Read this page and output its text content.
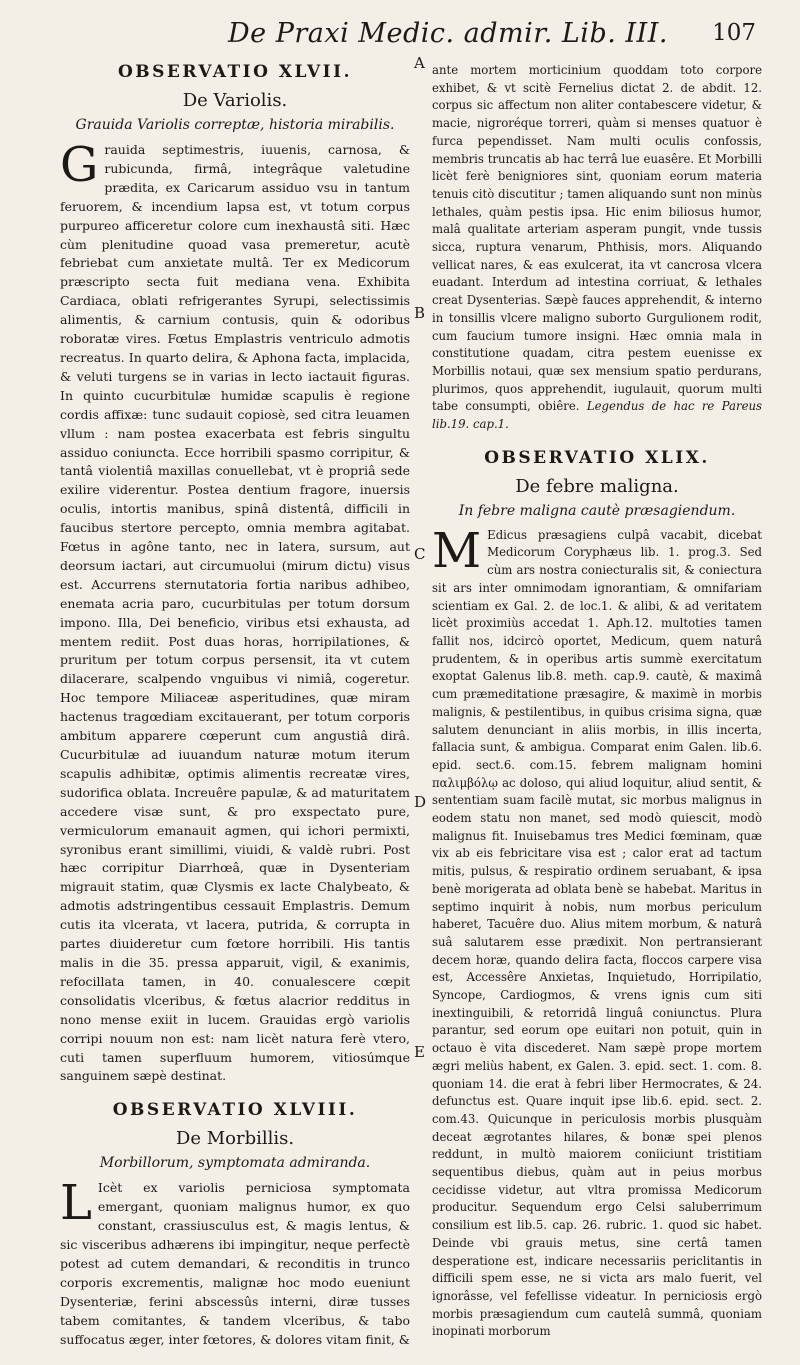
De Praxi Medic. admir. Lib. III. 107
A
B
C
D
E
OBSERVATIO XLVII.
De Variolis.
Grauida Variolis correptæ, historia mirabilis.

Grauida septimestris, iuuenis, carnosa, & rubicunda, firmâ, integrâque valetudine prædita, ex Caricarum assiduo vsu in tantum feruorem, & incendium lapsa est, vt totum corpus purpureo afficeretur colore cum inexhaustâ siti. Hæc cùm plenitudine quoad vasa premeretur, acutè febriebat cum anxietate multâ. Ter ex Medicorum præscripto secta fuit mediana vena. Exhibita Cardiaca, oblati refrigerantes Syrupi, selectissimis alimentis, & carnium contusis, quin & odoribus roboratæ vires. Fœtus Emplastris ventriculo admotis recreatus. In quarto delira, & Aphona facta, implacida, & veluti turgens se in varias in lecto iactauit figuras. In quinto cucurbitulæ humidæ scapulis è regione cordis affixæ: tunc sudauit copiosè, sed citra leuamen vllum : nam postea exacerbata est febris singultu assiduo coniuncta. Ecce horribili spasmo corripitur, & tantâ violentiâ maxillas conuellebat, vt è propriâ sede exilire viderentur. Postea dentium fragore, inuersis oculis, intortis manibus, spinâ distentâ, difficili in faucibus stertore percepto, omnia membra agitabat. Fœtus in agône tanto, nec in latera, sursum, aut deorsum iactari, aut circumuolui (mirum dictu) visus est. Accurrens sternutatoria fortia naribus adhibeo, enemata acria paro, cucurbitulas per totum dorsum impono. Illa, Dei beneficio, viribus etsi exhausta, ad mentem rediit. Post duas horas, horripilationes, & pruritum per totum corpus persensit, ita vt cutem dilacerare, scalpendo vnguibus vi nimiâ, cogeretur. Hoc tempore Miliaceæ asperitudines, quæ miram hactenus tragœdiam excitauerant, per totum corporis ambitum apparere cœperunt cum angustiâ dirâ. Cucurbitulæ ad iuuandum naturæ motum iterum scapulis adhibitæ, optimis alimentis recreatæ vires, sudorifica oblata. Increuêre papulæ, & ad maturitatem accedere visæ sunt, & pro exspectato pure, vermiculorum emanauit agmen, qui ichori permixti, syronibus erant simillimi, viuidi, & valdè rubri. Post hæc corripitur Diarrhœâ, quæ in Dysenteriam migrauit statim, quæ Clysmis ex lacte Chalybeato, & admotis adstringentibus cessauit Emplastris. Demum cutis ita vlcerata, vt lacera, putrida, & corrupta in partes diuideretur cum fœtore horribili. His tantis malis in die 35. pressa apparuit, vigil, & exanimis, refocillata tamen, in 40. conualescere cœpit consolidatis vlceribus, & fœtus alacrior redditus in nono mense exiit in lucem. Grauidas ergò variolis corripi nouum non est: nam licèt natura ferè vtero, cuti tamen superfluum humorem, vitiosúmque sanguinem sæpè destinat.

OBSERVATIO XLVIII.
De Morbillis.
Morbillorum, symptomata admiranda.

L Icèt ex variolis perniciosa symptomata emergant, quoniam malignus humor, ex quo constant, crassiusculus est, & magis lentus, & sic visceribus adhærens ibi impingitur, neque perfectè potest ad cutem demandari, & reconditis in trunco corporis excrementis, malignæ hoc modo eueniunt Dysenteriæ, ferini abscessûs interni, diræ tusses tabem comitantes, & tandem vlceribus, & tabo suffocatus æger, inter fœtores, & dolores vitam finit, &

ante mortem morticinium quoddam toto corpore exhibet, & vt scitè Fernelius dictat 2. de abdit. 12. corpus sic affectum non aliter contabescere videtur, & macie, nigroréque torreri, quàm si menses quatuor è furca pependisset. Nam multi oculis confossis, membris truncatis ab hac terrâ lue euasêre. Et Morbilli licèt ferè benigniores sint, quoniam eorum materia tenuis citò discutitur ; tamen aliquando sunt non minùs lethales, quàm pestis ipsa. Hic enim biliosus humor, malâ qualitate arteriam asperam pungit, vnde tussis sicca, ruptura venarum, Phthisis, mors. Aliquando vellicat nares, & eas exulcerat, ita vt cancrosa vlcera euadant. Interdum ad intestina corriuat, & lethales creat Dysenterias. Sæpè fauces apprehendit, & interno in tonsillis vlcere maligno suborto Gurgulionem rodit, cum faucium tumore insigni. Hæc omnia mala in constitutione quadam, citra pestem euenisse ex Morbillis notaui, quæ sex mensium spatio perdurans, plurimos, quos apprehendit, iugulauit, quorum multi tabe consumpti, obiêre. Legendus de hac re Pareus lib.19. cap.1.

OBSERVATIO XLIX.
De febre maligna.
In febre maligna cautè præsagiendum.

M Edicus præsagiens culpâ vacabit, dicebat Medicorum Coryphæus lib. 1. prog.3. Sed cùm ars nostra coniecturalis sit, & coniectura sit ars inter omnimodam ignorantiam, & omnifariam scientiam ex Gal. 2. de loc.1. & alibi, & ad veritatem licèt proximiùs accedat 1. Aph.12. multoties tamen fallit nos, idcircò oportet, Medicum, quem naturâ prudentem, & in operibus artis summè exercitatum exoptat Galenus lib.8. meth. cap.9. cautè, & maximâ cum præmeditatione præsagire, & maximè in morbis malignis, & pestilentibus, in quibus crisima signa, quæ salutem denunciant in aliis morbis, in illis incerta, fallacia sunt, & ambigua. Comparat enim Galen. lib.6. epid. sect.6. com.15. febrem malignam homini παλιμβόλῳ ac doloso, qui aliud loquitur, aliud sentit, & sententiam suam facilè mutat, sic morbus malignus in eodem statu non manet, sed modò quiescit, modò malignus fit. Inuisebamus tres Medici fœminam, quæ vix ab eis febricitare visa est ; calor erat ad tactum mitis, pulsus, & respiratio ordinem seruabant, & ipsa benè morigerata ad oblata benè se habebat. Maritus in septimo inquirit à nobis, num morbus periculum haberet, Tacuêre duo. Alius mitem morbum, & naturâ suâ salutarem esse prædixit. Non pertransierant decem horæ, quando delira facta, floccos carpere visa est, Accessêre Anxietas, Inquietudo, Horripilatio, Syncope, Cardiogmos, & vrens ignis cum siti inextinguibili, & retorridâ linguâ coniunctus. Plura parantur, sed eorum ope euitari non potuit, quin in octauo è vita discederet. Nam sæpè prope mortem ægri meliùs habent, ex Galen. 3. epid. sect. 1. com. 8. quoniam 14. die erat à febri liber Hermocrates, & 24. defunctus est. Quare inquit ipse lib.6. epid. sect. 2. com.43. Quicunque in periculosis morbis plusquàm deceat ægrotantes hilares, & bonæ spei plenos reddunt, in multò maiorem coniiciunt tristitiam sequentibus diebus, quàm aut in peius morbus cecidisse videtur, aut vltra promissa Medicorum producitur. Sequendum ergo Celsi saluberrimum consilium est lib.5. cap. 26. rubric. 1. quod sic habet. Deinde vbi grauis metus, sine certâ tamen desperatione est, indicare necessariis periclitantis in difficili spem esse, ne si victa ars malo fuerit, vel ignorâsse, vel fefellisse videatur. In perniciosis ergò morbis præsagiendum cum cautelâ summâ, quoniam inopinati morborum
